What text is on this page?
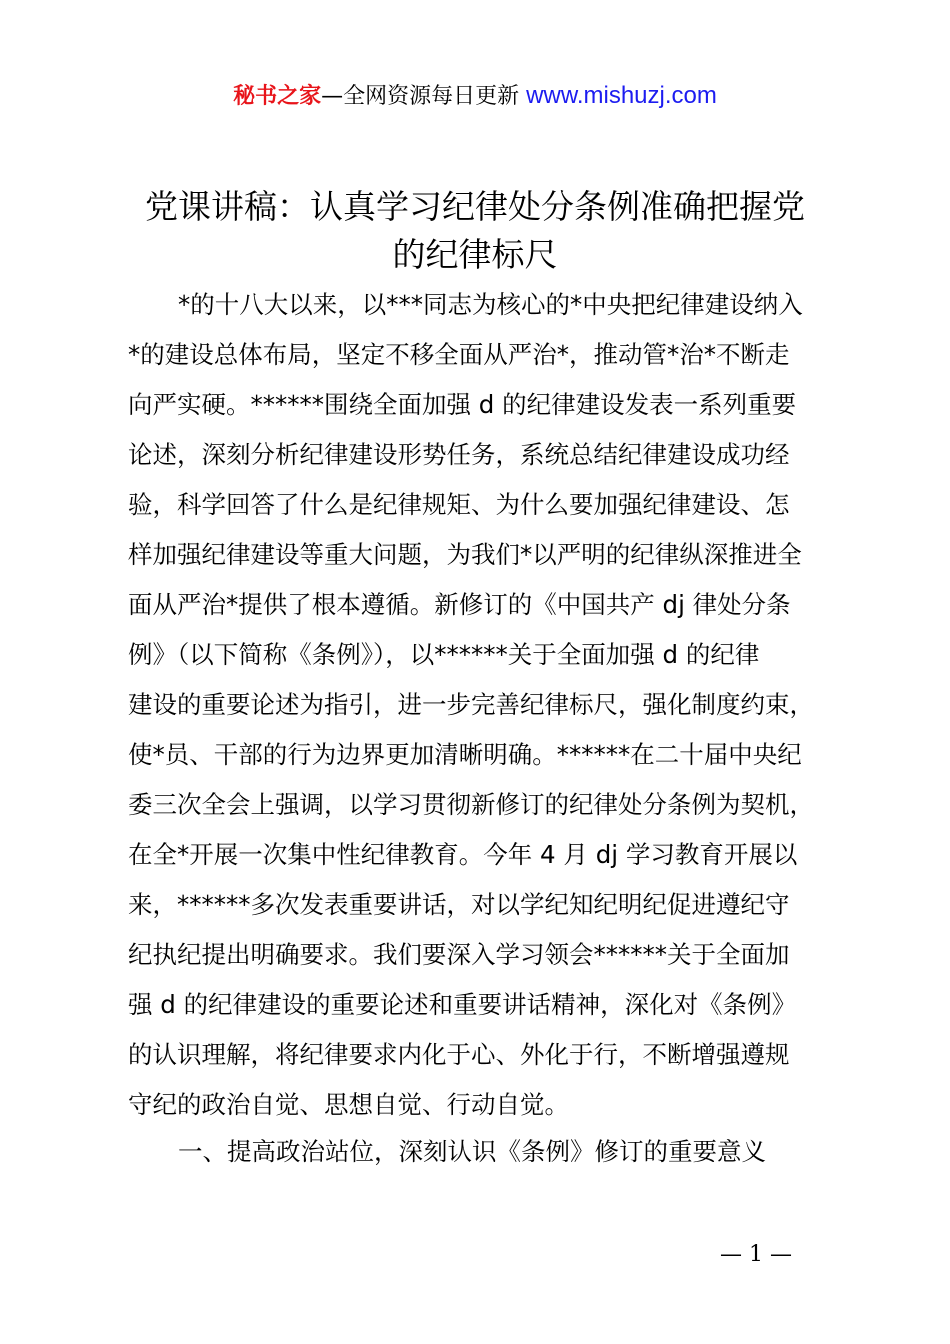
秘书之家—全网资源每日更新 www.mishuzj.com
党课讲稿：认真学习纪律处分条例准确把握党
的纪律标尺
*的十八大以来，以***同志为核心的*中央把纪律建设纳入
*的建设总体布局，坚定不移全面从严治*，推动管*治*不断走
向严实硬。******围绕全面加强 d 的纪律建设发表一系列重要
论述，深刻分析纪律建设形势任务，系统总结纪律建设成功经
验，科学回答了什么是纪律规矩、为什么要加强纪律建设、怎
样加强纪律建设等重大问题，为我们*以严明的纪律纵深推进全
面从严治*提供了根本遵循。新修订的《中国共产 dj 律处分条
例》（以下简称《条例》），以******关于全面加强 d 的纪律
建设的重要论述为指引，进一步完善纪律标尺，强化制度约束，
使*员、干部的行为边界更加清晰明确。******在二十届中央纪
委三次全会上强调，以学习贯彻新修订的纪律处分条例为契机，
在全*开展一次集中性纪律教育。今年 4 月 dj 学习教育开展以
来，******多次发表重要讲话，对以学纪知纪明纪促进遵纪守
纪执纪提出明确要求。我们要深入学习领会******关于全面加
强 d 的纪律建设的重要论述和重要讲话精神，深化对《条例》
的认识理解，将纪律要求内化于心、外化于行，不断增强遵规
守纪的政治自觉、思想自觉、行动自觉。
一、提高政治站位，深刻认识《条例》修订的重要意义
— 1 —
